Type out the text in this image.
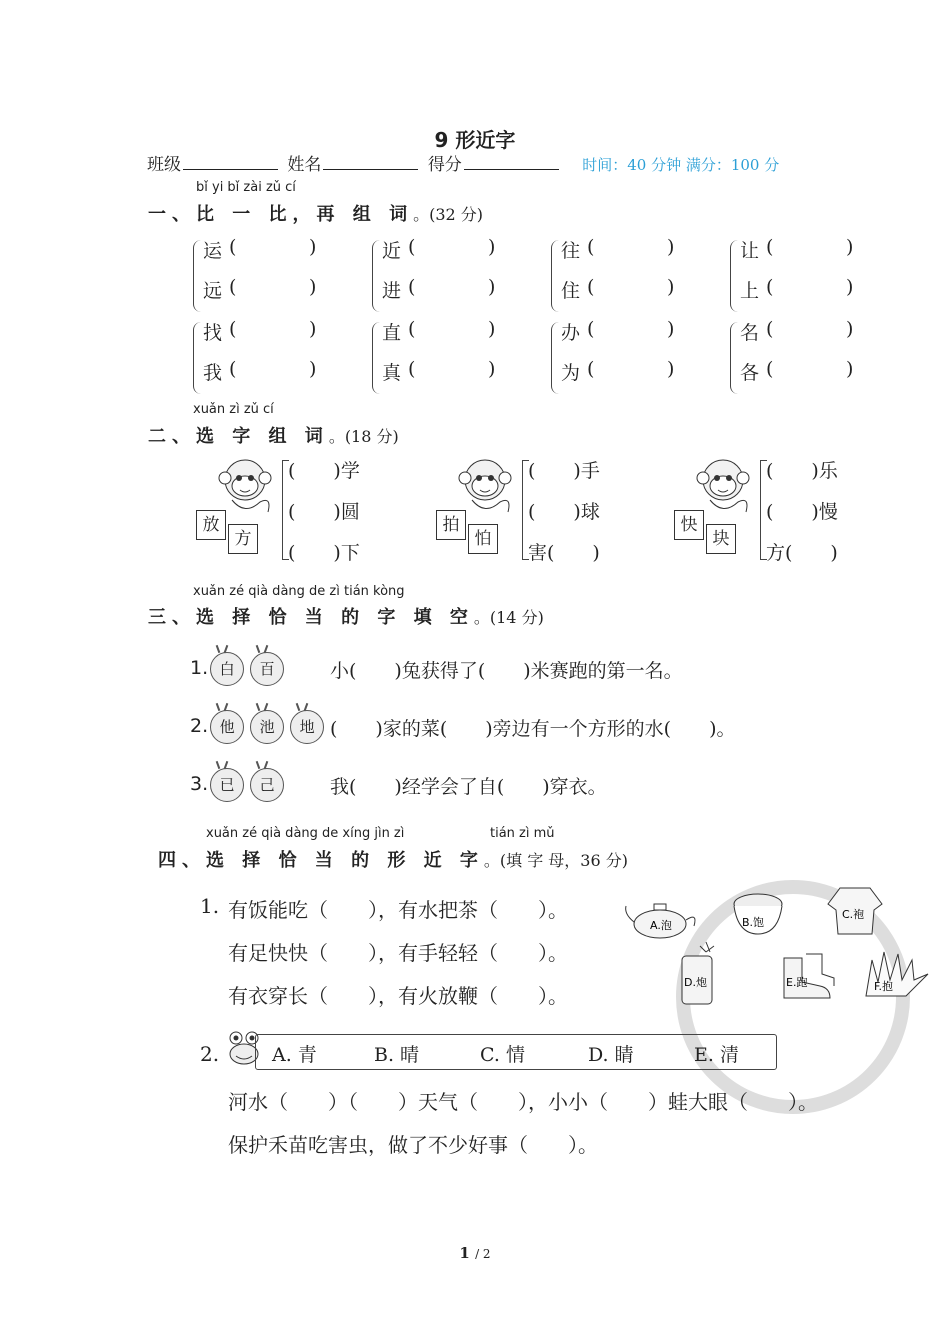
9 形近字
班级	姓名	得分	时间：40 分钟 满分：100 分
bǐ yi bǐ zài zǔ cí
一、比 一 比，再 组 词。(32 分)
运 (	)
远 (	)
近 (	)
进 (	)
往 (	)
住 (	)
让 (	)
上 (	)
找 (	)
我 (	)
直 (	)
真 (	)
办 (	)
为 (	)
名 (	)
各 (	)
xuǎn zì zǔ cí
二、选 字 组 词。(18 分)
放
方
(　　)学
(　　)圆
(　　)下
拍
怕
(　　)手
(　　)球
害(　　)
快
块
(　　)乐
(　　)慢
方(　　)
xuǎn zé qià dàng de zì tián kòng
三、选 择 恰 当 的 字 填 空。(14 分)
1. 白 百	小(　　)兔获得了(　　)米赛跑的第一名。
2. 他 池 地 (　　)家的菜(　　)旁边有一个方形的水(　　)。
3. 已 己	我(　　)经学会了自(　　)穿衣。
xuǎn zé qià dàng de xíng jìn zì	tián zì mǔ
四、选 择 恰 当 的 形 近 字。(填 字 母，36 分)
1. 有饭能吃（　　），有水把茶（　　）。
有足快快（　　），有手轻轻（　　）。
有衣穿长（　　），有火放鞭（　　）。
A.泡	B.饱
C.袍
D.炮	E.跑	F.抱
2.	A. 青	B. 晴	C. 情	D. 睛	E. 清
河水（　　）（　　）天气（　　），小小（　　）蛙大眼（　　）。
保护禾苗吃害虫，做了不少好事（　　）。
1 / 2
